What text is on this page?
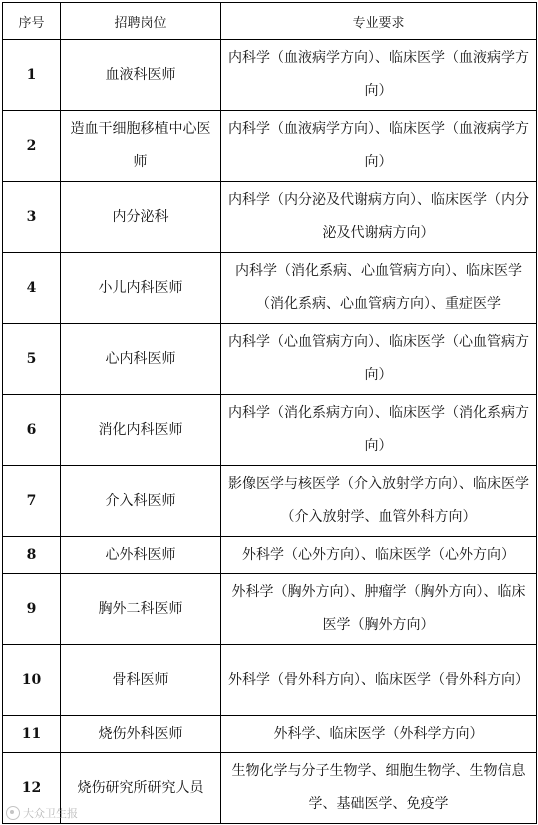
序号	招聘岗位	专业要求
1	血液科医师	内科学（血液病学方向）、临床医学（血液病学方向）
2	造血干细胞移植中心医师	内科学（血液病学方向）、临床医学（血液病学方向）
3	内分泌科	内科学（内分泌及代谢病方向）、临床医学（内分泌及代谢病方向）
4	小儿内科医师	内科学（消化系病、心血管病方向）、临床医学（消化系病、心血管病方向）、重症医学
5	心内科医师	内科学（心血管病方向）、临床医学（心血管病方向）
6	消化内科医师	内科学（消化系病方向）、临床医学（消化系病方向）
7	介入科医师	影像医学与核医学（介入放射学方向）、临床医学（介入放射学、血管外科方向）
8	心外科医师	外科学（心外方向）、临床医学（心外方向）
9	胸外二科医师	外科学（胸外方向）、肿瘤学（胸外方向）、临床医学（胸外方向）
10	骨科医师	外科学（骨外科方向）、临床医学（骨外科方向）
11	烧伤外科医师	外科学、临床医学（外科学方向）
12	烧伤研究所研究人员	生物化学与分子生物学、细胞生物学、生物信息学、基础医学、免疫学
大众卫生报
